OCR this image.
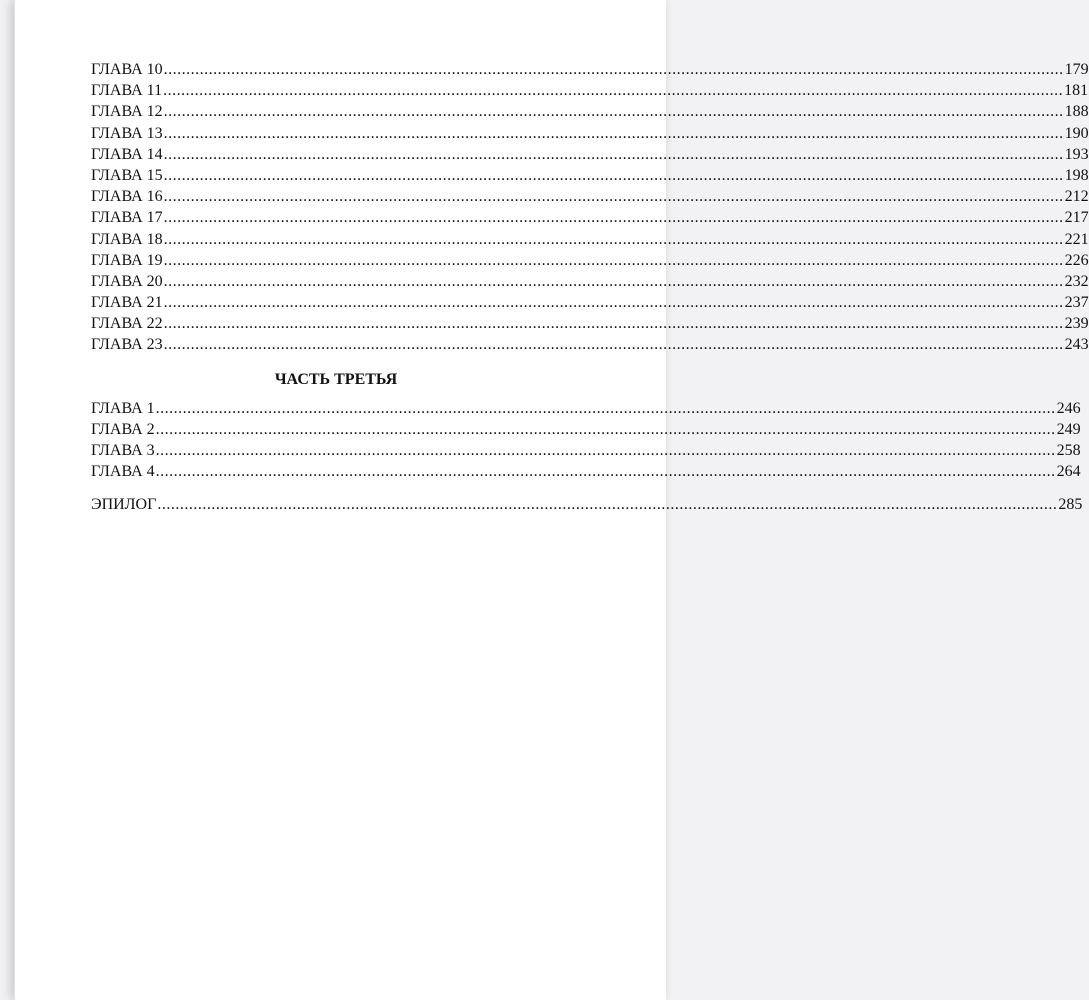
ГЛАВА 10 ........................................................................................................................................................................................................ 179
ГЛАВА 11 ........................................................................................................................................................................................................ 181
ГЛАВА 12 ........................................................................................................................................................................................................ 188
ГЛАВА 13 ........................................................................................................................................................................................................ 190
ГЛАВА 14 ........................................................................................................................................................................................................ 193
ГЛАВА 15 ........................................................................................................................................................................................................ 198
ГЛАВА 16 ........................................................................................................................................................................................................ 212
ГЛАВА 17 ........................................................................................................................................................................................................ 217
ГЛАВА 18 ........................................................................................................................................................................................................ 221
ГЛАВА 19 ........................................................................................................................................................................................................ 226
ГЛАВА 20 ........................................................................................................................................................................................................ 232
ГЛАВА 21 ........................................................................................................................................................................................................ 237
ГЛАВА 22 ........................................................................................................................................................................................................ 239
ГЛАВА 23 ........................................................................................................................................................................................................ 243
ЧАСТЬ ТРЕТЬЯ
ГЛАВА 1 ........................................................................................................................................................................................................ 246
ГЛАВА 2 ........................................................................................................................................................................................................ 249
ГЛАВА 3 ........................................................................................................................................................................................................ 258
ГЛАВА 4 ........................................................................................................................................................................................................ 264
ЭПИЛОГ ........................................................................................................................................................................................................ 285
